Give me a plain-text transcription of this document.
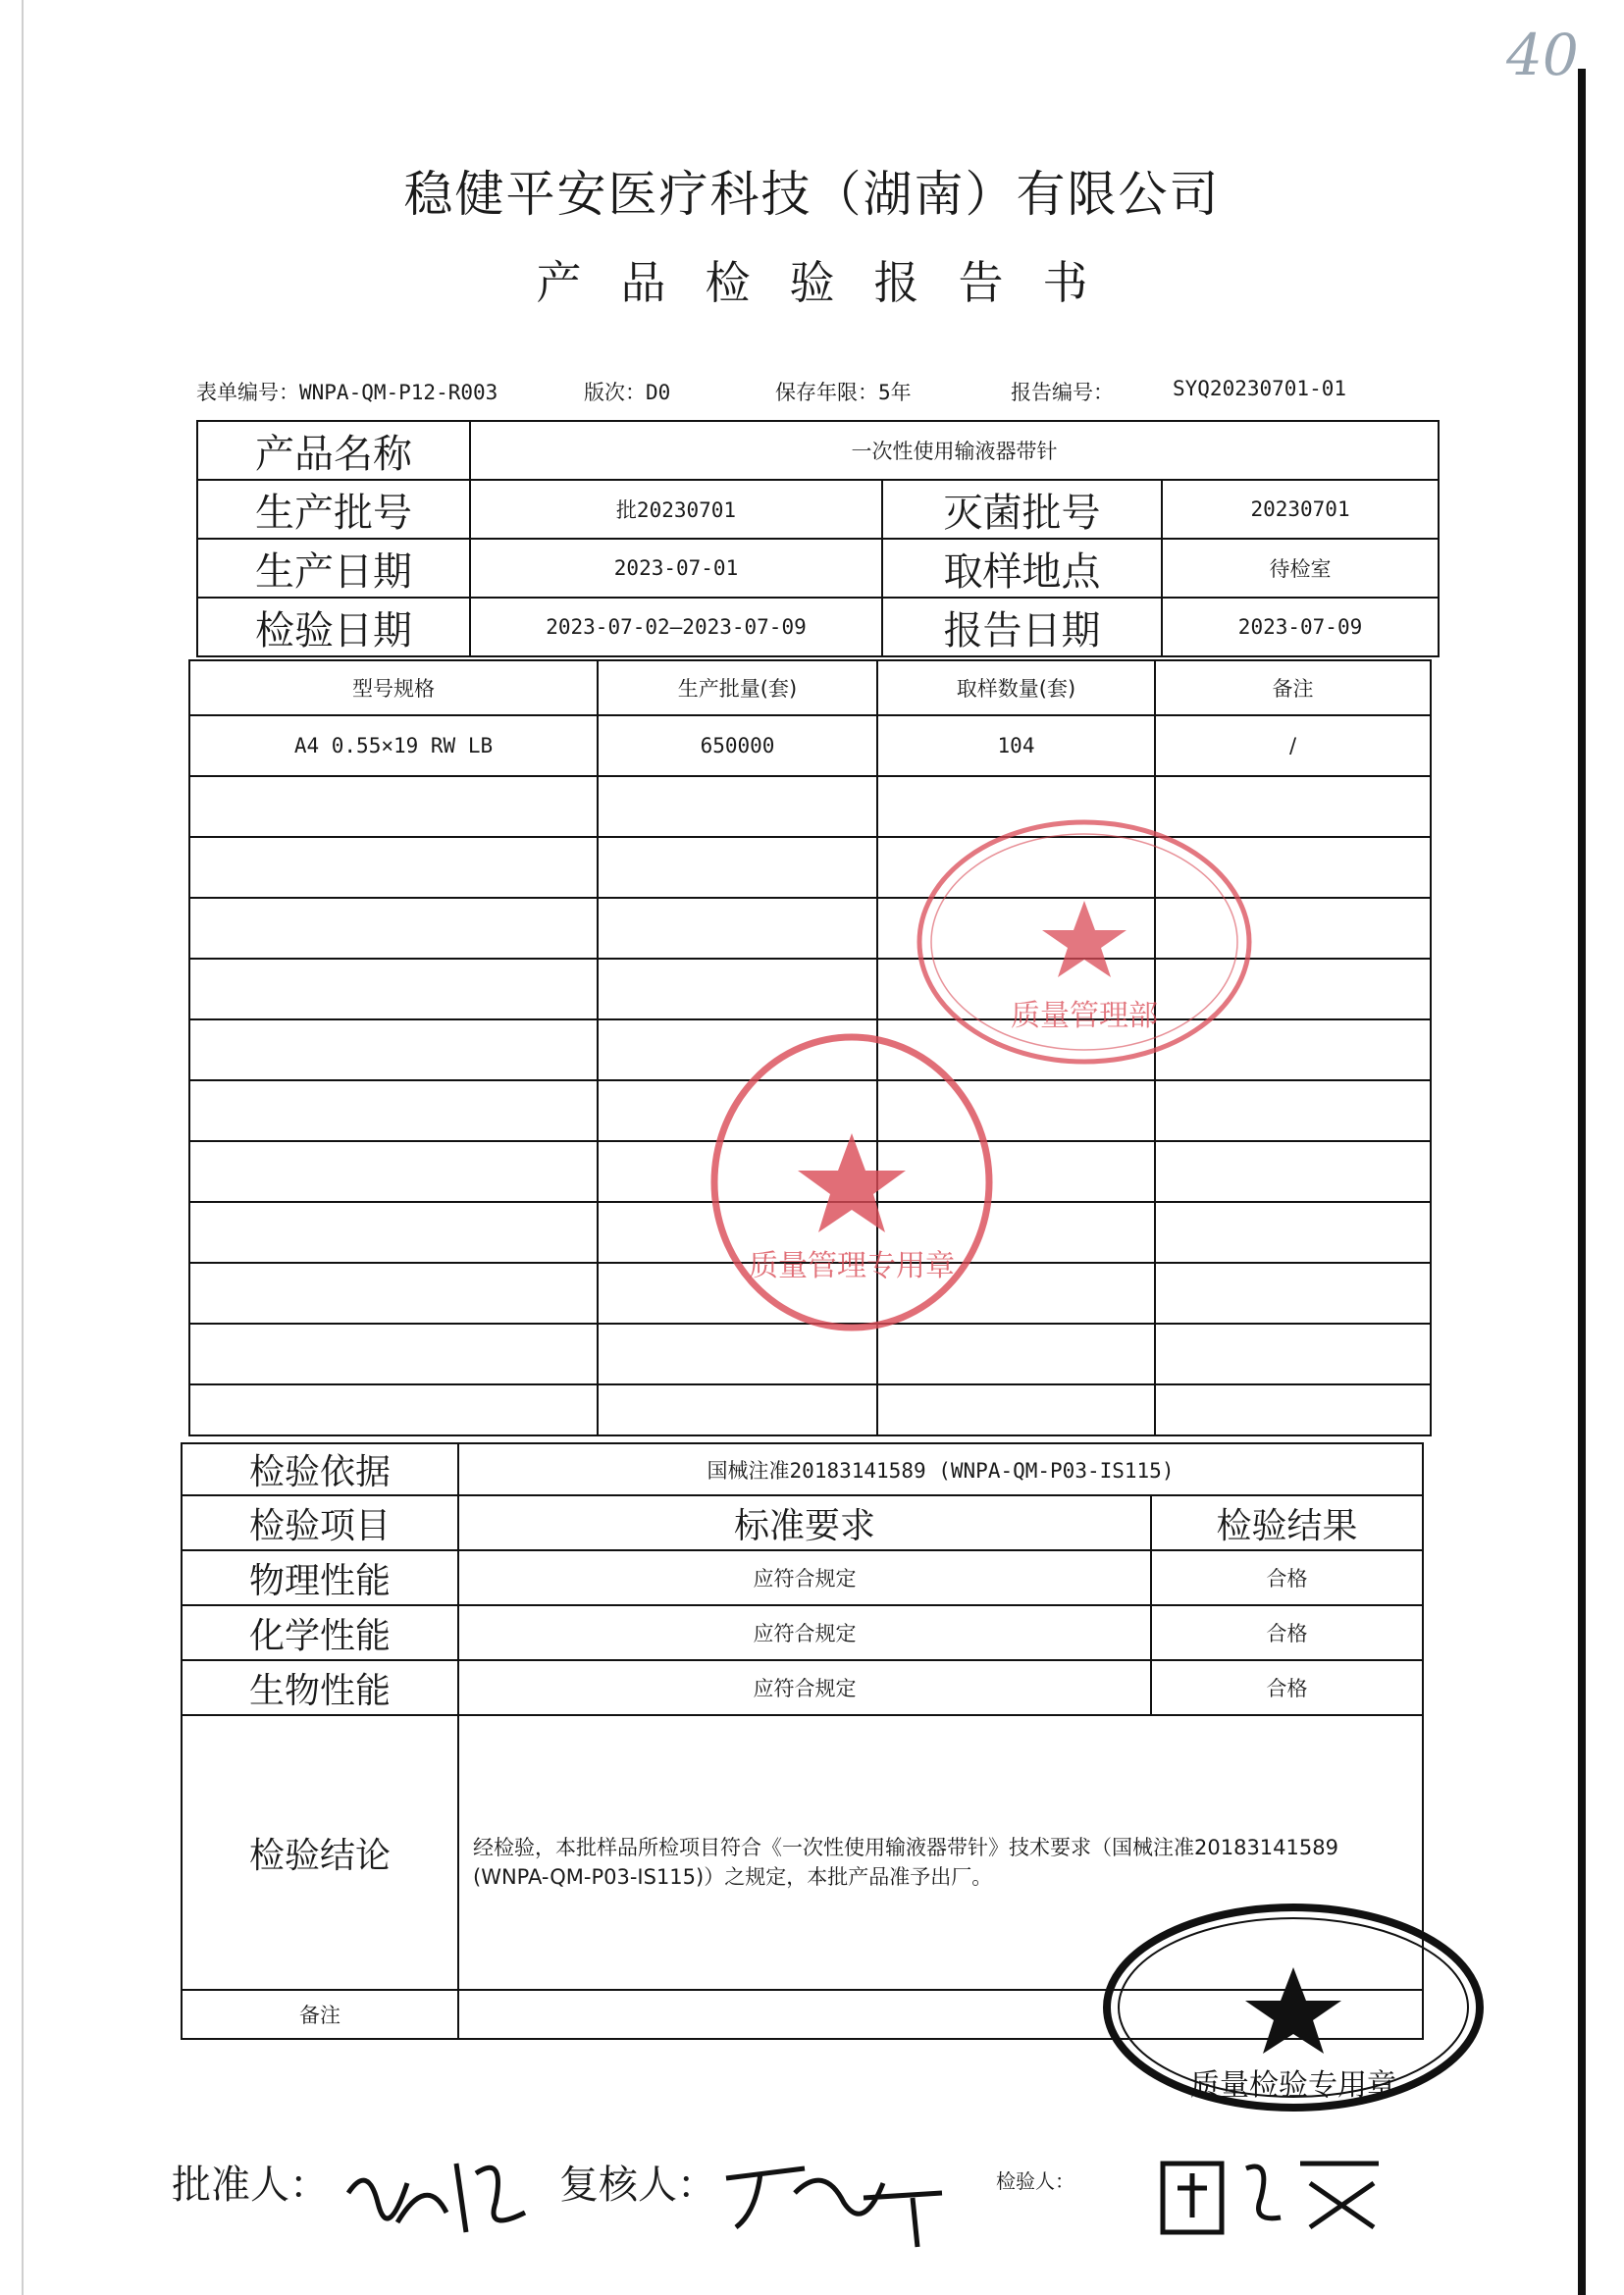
40
稳健平安医疗科技（湖南）有限公司
产品检验报告书
表单编号：WNPA-QM-P12-R003	版次：D0	保存年限：5年	报告编号：	SYQ20230701-01
产品名称	一次性使用输液器带针		
生产批号	批20230701	灭菌批号	20230701
生产日期	2023-07-01	取样地点	待检室
检验日期	2023-07-02—2023-07-09	报告日期	2023-07-09
型号规格	生产批量(套)	取样数量(套)	备注
A4 0.55×19 RW LB	650000	104	/

检验依据	国械注准20183141589 (WNPA-QM-P03-IS115)	
检验项目	标准要求	检验结果
物理性能	应符合规定	合格
化学性能	应符合规定	合格
生物性能	应符合规定	合格
检验结论	经检验，本批样品所检项目符合《一次性使用输液器带针》技术要求（国械注准20183141589 (WNPA-QM-P03-IS115)）之规定，本批产品准予出厂。	
备注		
质量管理部
质量管理专用章
质量检验专用章
批准人：	复核人：	检验人：
